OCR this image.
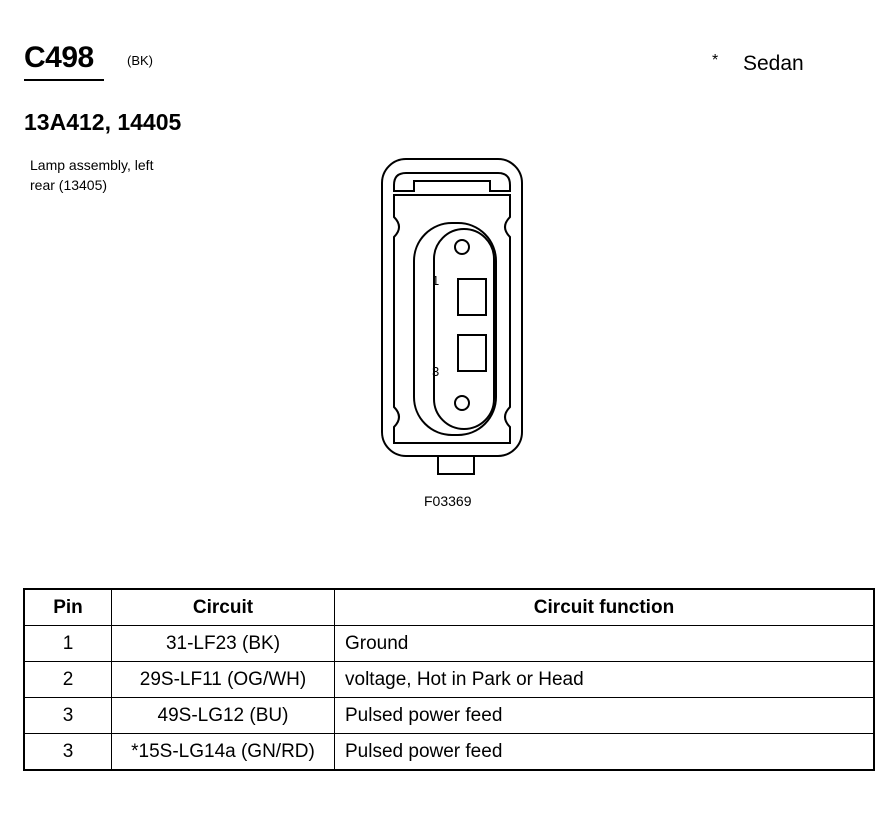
C498	(BK)	* Sedan
13A412, 14405
Lamp assembly, left
rear (13405)
1
3
F03369
Pin	Circuit	Circuit function
1	31-LF23 (BK)	Ground
2	29S-LF11 (OG/WH)	voltage, Hot in Park or Head
3	49S-LG12 (BU)	Pulsed power feed
3	*15S-LG14a (GN/RD)	Pulsed power feed
